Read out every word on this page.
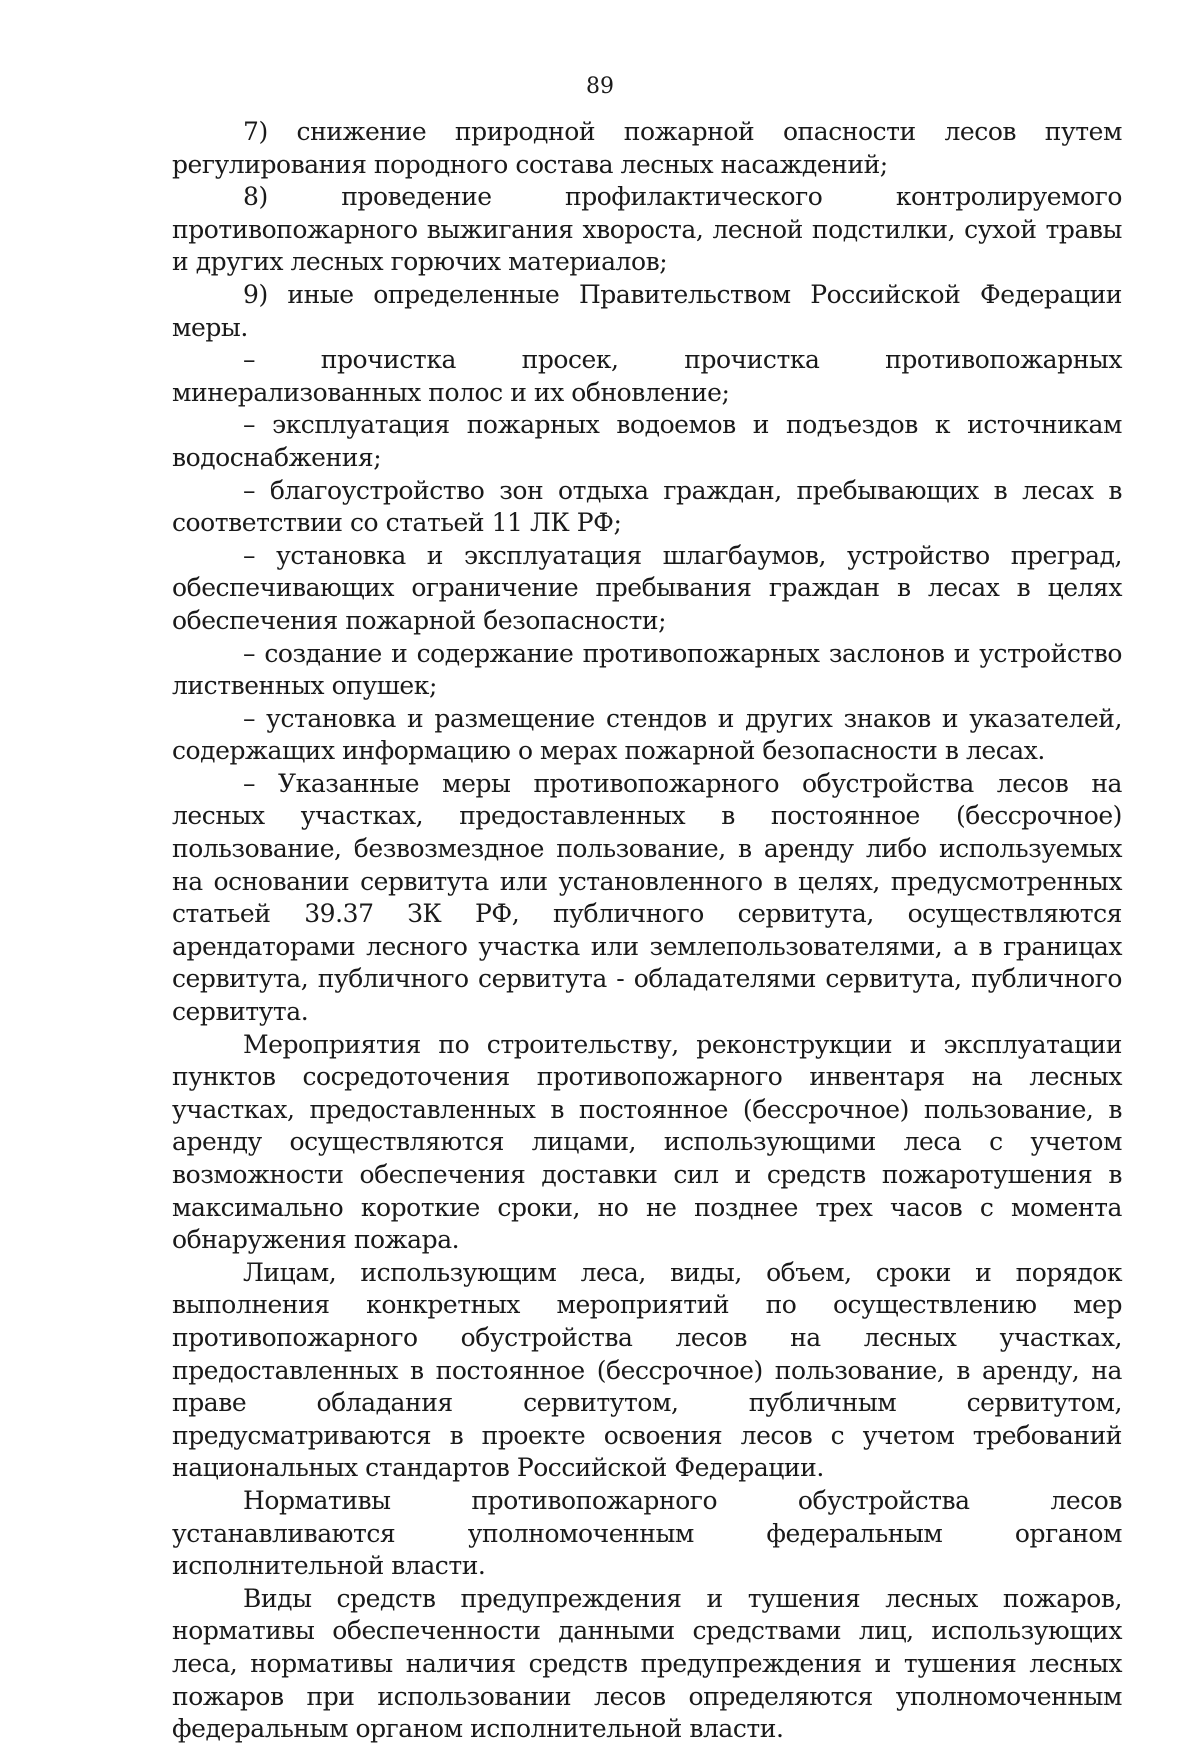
89

7) снижение природной пожарной опасности лесов путем регулирования породного состава лесных насаждений;

8) проведение профилактического контролируемого противопожарного выжигания хвороста, лесной подстилки, сухой травы и других лесных горючих материалов;

9) иные определенные Правительством Российской Федерации меры.

– прочистка просек, прочистка противопожарных минерализованных полос и их обновление;

– эксплуатация пожарных водоемов и подъездов к источникам водоснабжения;

– благоустройство зон отдыха граждан, пребывающих в лесах в соответствии со статьей 11 ЛК РФ;

– установка и эксплуатация шлагбаумов, устройство преград, обеспечивающих ограничение пребывания граждан в лесах в целях обеспечения пожарной безопасности;

– создание и содержание противопожарных заслонов и устройство лиственных опушек;

– установка и размещение стендов и других знаков и указателей, содержащих информацию о мерах пожарной безопасности в лесах.

– Указанные меры противопожарного обустройства лесов на лесных участках, предоставленных в постоянное (бессрочное) пользование, безвозмездное пользование, в аренду либо используемых на основании сервитута или установленного в целях, предусмотренных статьей 39.37 ЗК РФ, публичного сервитута, осуществляются арендаторами лесного участка или землепользователями, а в границах сервитута, публичного сервитута - обладателями сервитута, публичного сервитута.

Мероприятия по строительству, реконструкции и эксплуатации пунктов сосредоточения противопожарного инвентаря на лесных участках, предоставленных в постоянное (бессрочное) пользование, в аренду осуществляются лицами, использующими леса с учетом возможности обеспечения доставки сил и средств пожаротушения в максимально короткие сроки, но не позднее трех часов с момента обнаружения пожара.

Лицам, использующим леса, виды, объем, сроки и порядок выполнения конкретных мероприятий по осуществлению мер противопожарного обустройства лесов на лесных участках, предоставленных в постоянное (бессрочное) пользование, в аренду, на праве обладания сервитутом, публичным сервитутом, предусматриваются в проекте освоения лесов с учетом требований национальных стандартов Российской Федерации.

Нормативы противопожарного обустройства лесов устанавливаются уполномоченным федеральным органом исполнительной власти.

Виды средств предупреждения и тушения лесных пожаров, нормативы обеспеченности данными средствами лиц, использующих леса, нормативы наличия средств предупреждения и тушения лесных пожаров при использовании лесов определяются уполномоченным федеральным органом исполнительной власти.
